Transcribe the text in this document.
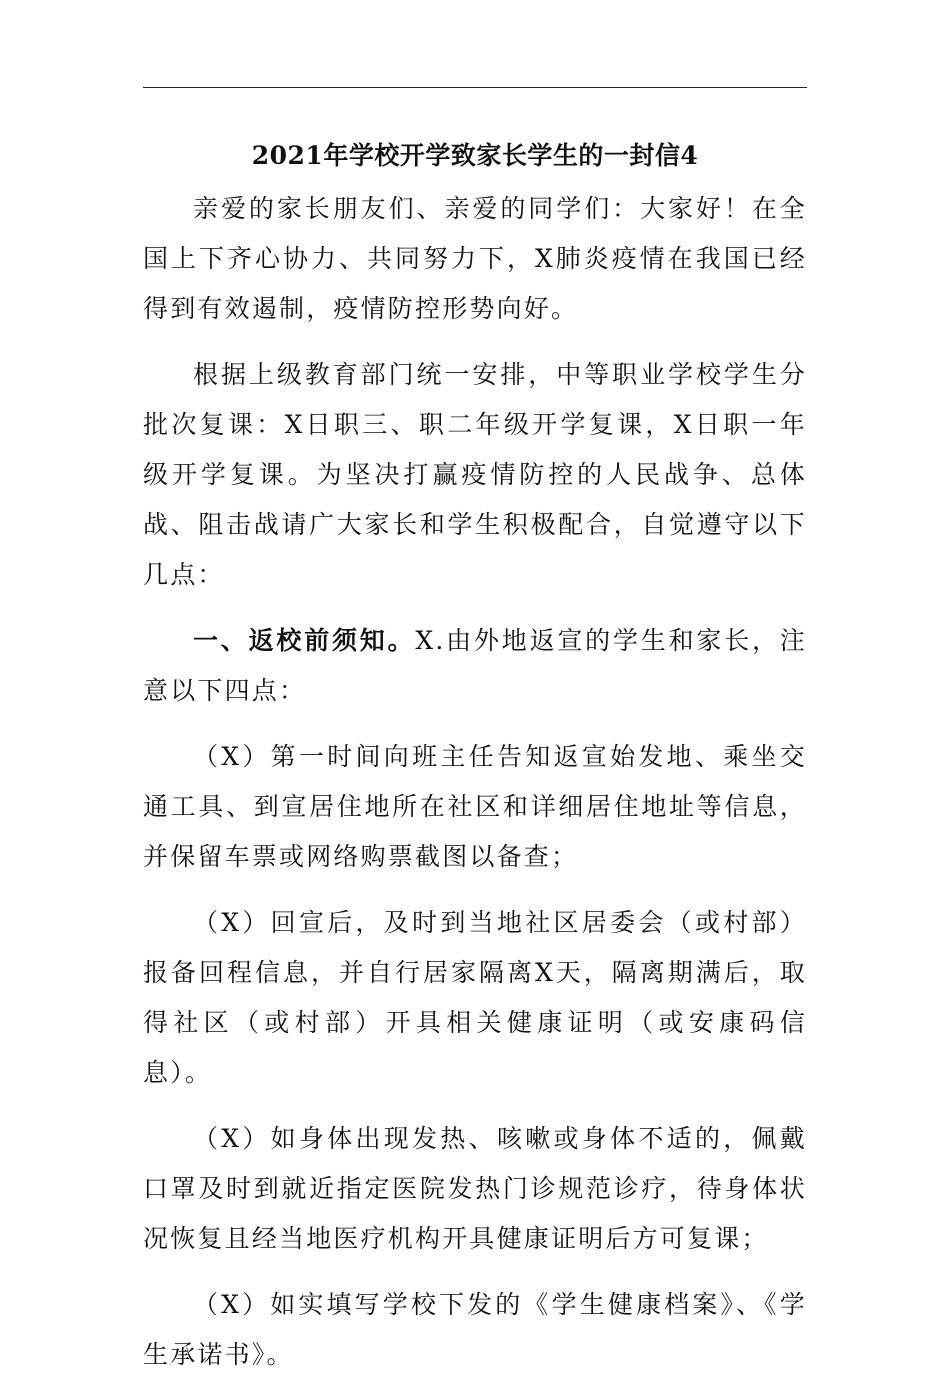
2021年学校开学致家长学生的一封信4

亲爱的家长朋友们、亲爱的同学们：大家好！在全国上下齐心协力、共同努力下，X肺炎疫情在我国已经得到有效遏制，疫情防控形势向好。

根据上级教育部门统一安排，中等职业学校学生分批次复课：X日职三、职二年级开学复课，X日职一年级开学复课。为坚决打赢疫情防控的人民战争、总体战、阻击战请广大家长和学生积极配合，自觉遵守以下几点：

一、返校前须知。X.由外地返宣的学生和家长，注意以下四点：

（X）第一时间向班主任告知返宣始发地、乘坐交通工具、到宣居住地所在社区和详细居住地址等信息，并保留车票或网络购票截图以备查；

（X）回宣后，及时到当地社区居委会（或村部）报备回程信息，并自行居家隔离X天，隔离期满后，取得社区（或村部）开具相关健康证明（或安康码信息）。

（X）如身体出现发热、咳嗽或身体不适的，佩戴口罩及时到就近指定医院发热门诊规范诊疗，待身体状况恢复且经当地医疗机构开具健康证明后方可复课；

（X）如实填写学校下发的《学生健康档案》、《学生承诺书》。
